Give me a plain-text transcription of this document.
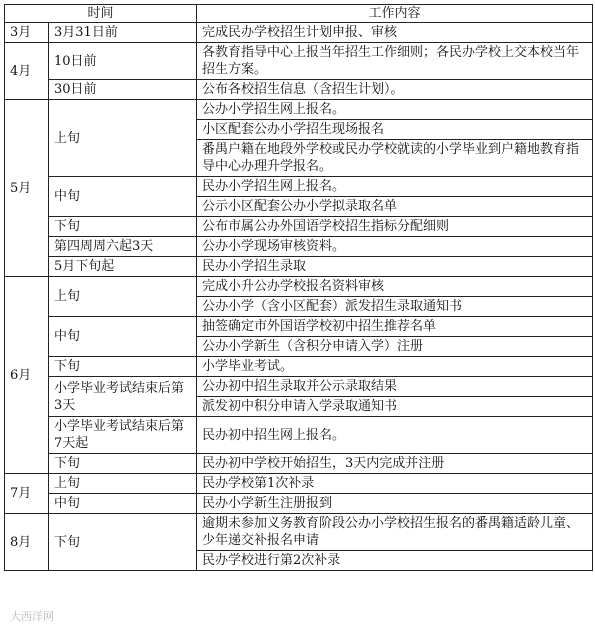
时间		工作内容
3月	3月31日前	完成民办学校招生计划申报、审核
4月	10日前	各教育指导中心上报当年招生工作细则；各民办学校上交本校当年招生方案。
	30日前	公布各校招生信息（含招生计划）。
5月	上旬	公办小学招生网上报名。
		小区配套公办小学招生现场报名
		番禺户籍在地段外学校或民办学校就读的小学毕业到户籍地教育指导中心办理升学报名。
	中旬	民办小学招生网上报名。
		公示小区配套公办小学拟录取名单
	下旬	公布市属公办外国语学校招生指标分配细则
	第四周周六起3天	公办小学现场审核资料。
	5月下旬起	民办小学招生录取
6月	上旬	完成小升公办学校报名资料审核
		公办小学（含小区配套）派发招生录取通知书
	中旬	抽签确定市外国语学校初中招生推荐名单
		公办小学新生（含积分申请入学）注册
	下旬	小学毕业考试。
	小学毕业考试结束后第3天	公办初中招生录取并公示录取结果
		派发初中积分申请入学录取通知书
	小学毕业考试结束后第7天起	民办初中招生网上报名。
	下旬	民办初中学校开始招生，3天内完成并注册
7月	上旬	民办学校第1次补录
	中旬	民办小学新生注册报到
8月	下旬	逾期未参加义务教育阶段公办小学校招生报名的番禺籍适龄儿童、少年递交补报名申请
		民办学校进行第2次补录
大西洋网
